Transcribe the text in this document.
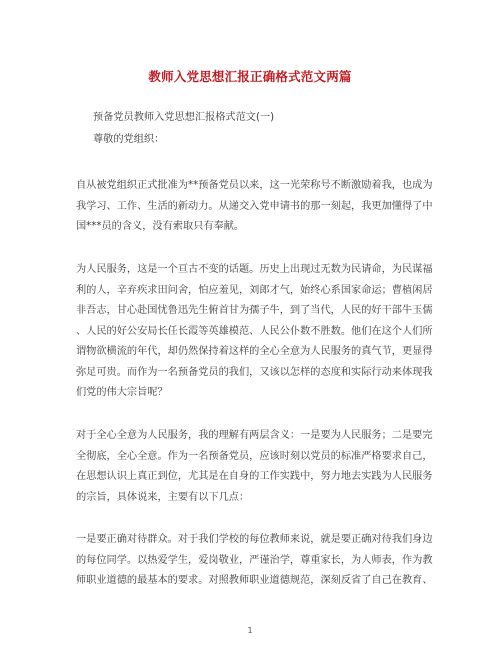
教师入党思想汇报正确格式范文两篇
预备党员教师入党思想汇报格式范文(一)
尊敬的党组织：
自从被党组织正式批准为**预备党员以来，这一光荣称号不断激励着我，也成为
我学习、工作、生活的新动力。从递交入党申请书的那一刻起，我更加懂得了中
国***员的含义，没有索取只有奉献。
为人民服务，这是一个亘古不变的话题。历史上出现过无数为民请命，为民谋福
利的人，辛弃疾求田问舍，怕应羞见，刘郎才气，始终心系国家命运；曹植闲居
非吾志，甘心赴国忧鲁迅先生俯首甘为孺子牛，到了当代，人民的好干部牛玉儒
、人民的好公安局长任长霞等英雄模范、人民公仆数不胜数。他们在这个人们所
谓物欲横流的年代，却仍然保持着这样的全心全意为人民服务的真气节，更显得
弥足可贵。而作为一名预备党员的我们，又该以怎样的态度和实际行动来体现我
们党的伟大宗旨呢？
对于全心全意为人民服务，我的理解有两层含义：一是要为人民服务；二是要完
全彻底，全心全意。作为一名预备党员，应该时刻以党员的标准严格要求自己，
在思想认识上真正到位，尤其是在自身的工作实践中，努力地去实践为人民服务
的宗旨，具体说来，主要有以下几点：
一是要正确对待群众。对于我们学校的每位教师来说，就是要正确对待我们身边
的每位同学。以热爱学生，爱岗敬业，严谨治学，尊重家长，为人师表，作为教
师职业道德的最基本的要求。对照教师职业道德规范，深刻反省了自己在教育、
1
